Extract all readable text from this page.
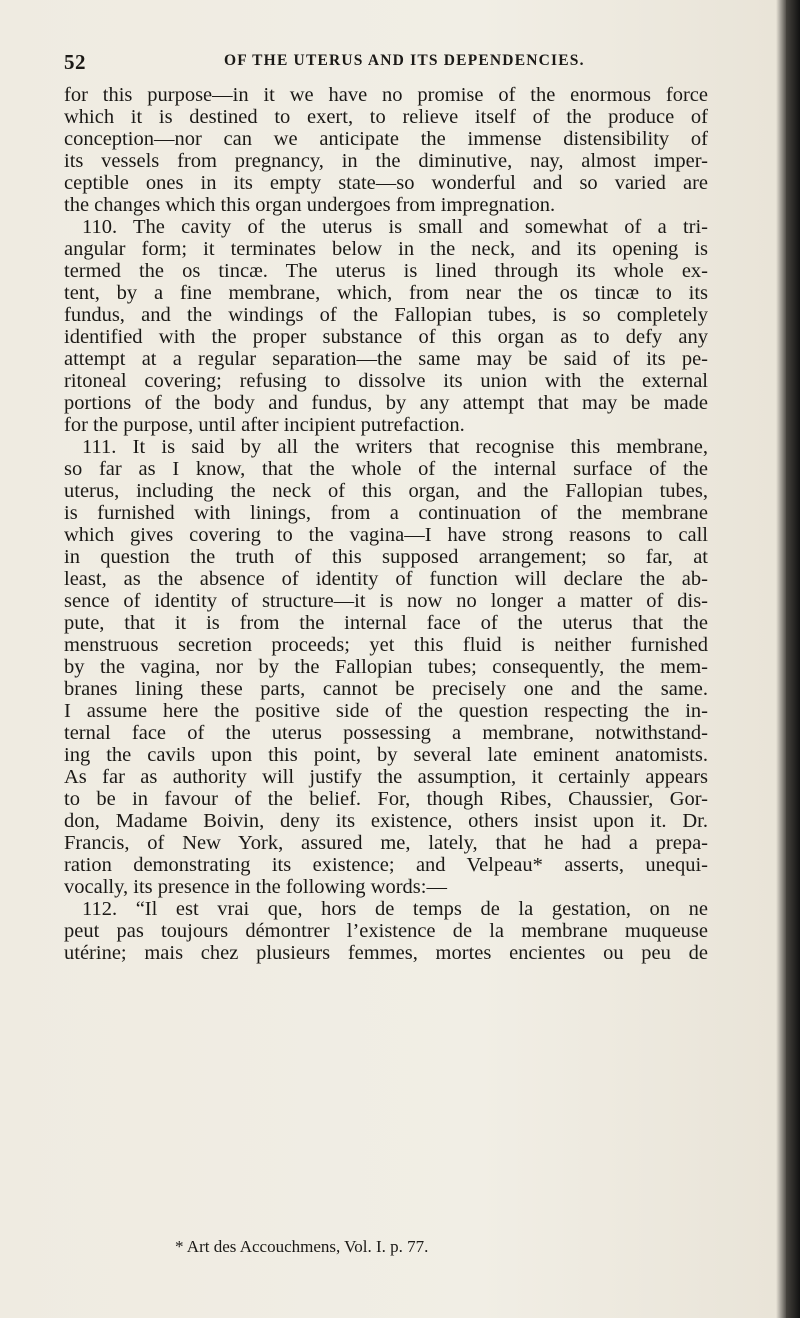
52	OF THE UTERUS AND ITS DEPENDENCIES.
for this purpose—in it we have no promise of the enormous force
which it is destined to exert, to relieve itself of the produce of
conception—nor can we anticipate the immense distensibility of
its vessels from pregnancy, in the diminutive, nay, almost imper-
ceptible ones in its empty state—so wonderful and so varied are
the changes which this organ undergoes from impregnation.
110. The cavity of the uterus is small and somewhat of a tri-
angular form; it terminates below in the neck, and its opening is
termed the os tincæ. The uterus is lined through its whole ex-
tent, by a fine membrane, which, from near the os tincæ to its
fundus, and the windings of the Fallopian tubes, is so completely
identified with the proper substance of this organ as to defy any
attempt at a regular separation—the same may be said of its pe-
ritoneal covering; refusing to dissolve its union with the external
portions of the body and fundus, by any attempt that may be made
for the purpose, until after incipient putrefaction.
111. It is said by all the writers that recognise this membrane,
so far as I know, that the whole of the internal surface of the
uterus, including the neck of this organ, and the Fallopian tubes,
is furnished with linings, from a continuation of the membrane
which gives covering to the vagina—I have strong reasons to call
in question the truth of this supposed arrangement; so far, at
least, as the absence of identity of function will declare the ab-
sence of identity of structure—it is now no longer a matter of dis-
pute, that it is from the internal face of the uterus that the
menstruous secretion proceeds; yet this fluid is neither furnished
by the vagina, nor by the Fallopian tubes; consequently, the mem-
branes lining these parts, cannot be precisely one and the same.
I assume here the positive side of the question respecting the in-
ternal face of the uterus possessing a membrane, notwithstand-
ing the cavils upon this point, by several late eminent anatomists.
As far as authority will justify the assumption, it certainly appears
to be in favour of the belief. For, though Ribes, Chaussier, Gor-
don, Madame Boivin, deny its existence, others insist upon it. Dr.
Francis, of New York, assured me, lately, that he had a prepa-
ration demonstrating its existence; and Velpeau* asserts, unequi-
vocally, its presence in the following words:—
112. “Il est vrai que, hors de temps de la gestation, on ne
peut pas toujours démontrer l’existence de la membrane muqueuse
utérine; mais chez plusieurs femmes, mortes encientes ou peu de
* Art des Accouchmens, Vol. I. p. 77.
